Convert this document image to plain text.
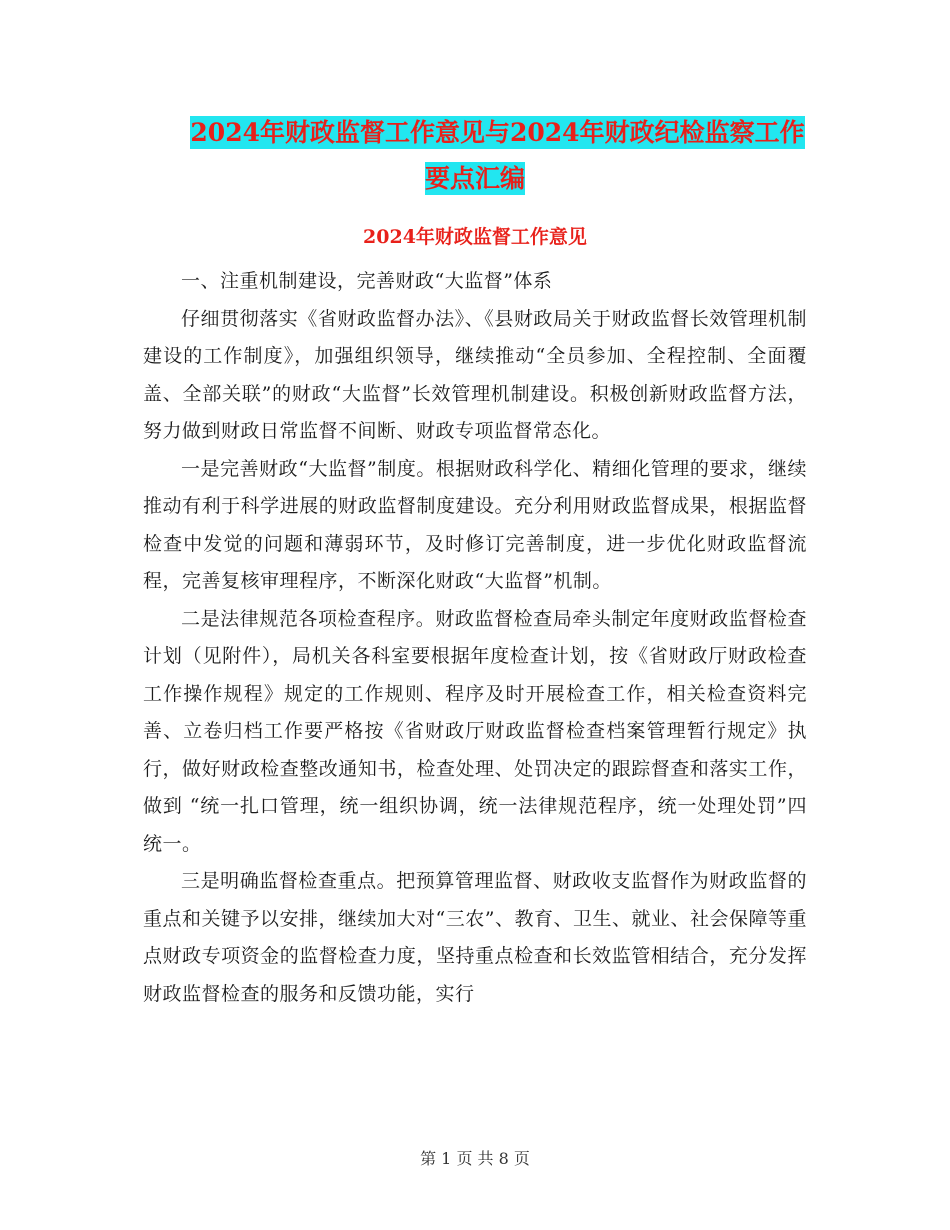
2024年财政监督工作意见与2024年财政纪检监察工作
要点汇编
2024年财政监督工作意见

一、注重机制建设，完善财政“大监督”体系

仔细贯彻落实《省财政监督办法》、《县财政局关于财政监督长效管理机制建设的工作制度》，加强组织领导，继续推动“全员参加、全程控制、全面覆盖、全部关联”的财政“大监督”长效管理机制建设。积极创新财政监督方法，努力做到财政日常监督不间断、财政专项监督常态化。

一是完善财政“大监督”制度。根据财政科学化、精细化管理的要求，继续推动有利于科学进展的财政监督制度建设。充分利用财政监督成果，根据监督检查中发觉的问题和薄弱环节，及时修订完善制度，进一步优化财政监督流程，完善复核审理程序，不断深化财政“大监督”机制。

二是法律规范各项检查程序。财政监督检查局牵头制定年度财政监督检查计划（见附件），局机关各科室要根据年度检查计划，按《省财政厅财政检查工作操作规程》规定的工作规则、程序及时开展检查工作，相关检查资料完善、立卷归档工作要严格按《省财政厅财政监督检查档案管理暂行规定》执行，做好财政检查整改通知书，检查处理、处罚决定的跟踪督查和落实工作，做到 “统一扎口管理，统一组织协调，统一法律规范程序，统一处理处罚”四统一。

三是明确监督检查重点。把预算管理监督、财政收支监督作为财政监督的重点和关键予以安排，继续加大对“三农”、教育、卫生、就业、社会保障等重点财政专项资金的监督检查力度，坚持重点检查和长效监管相结合，充分发挥财政监督检查的服务和反馈功能，实行

第 1 页 共 8 页
